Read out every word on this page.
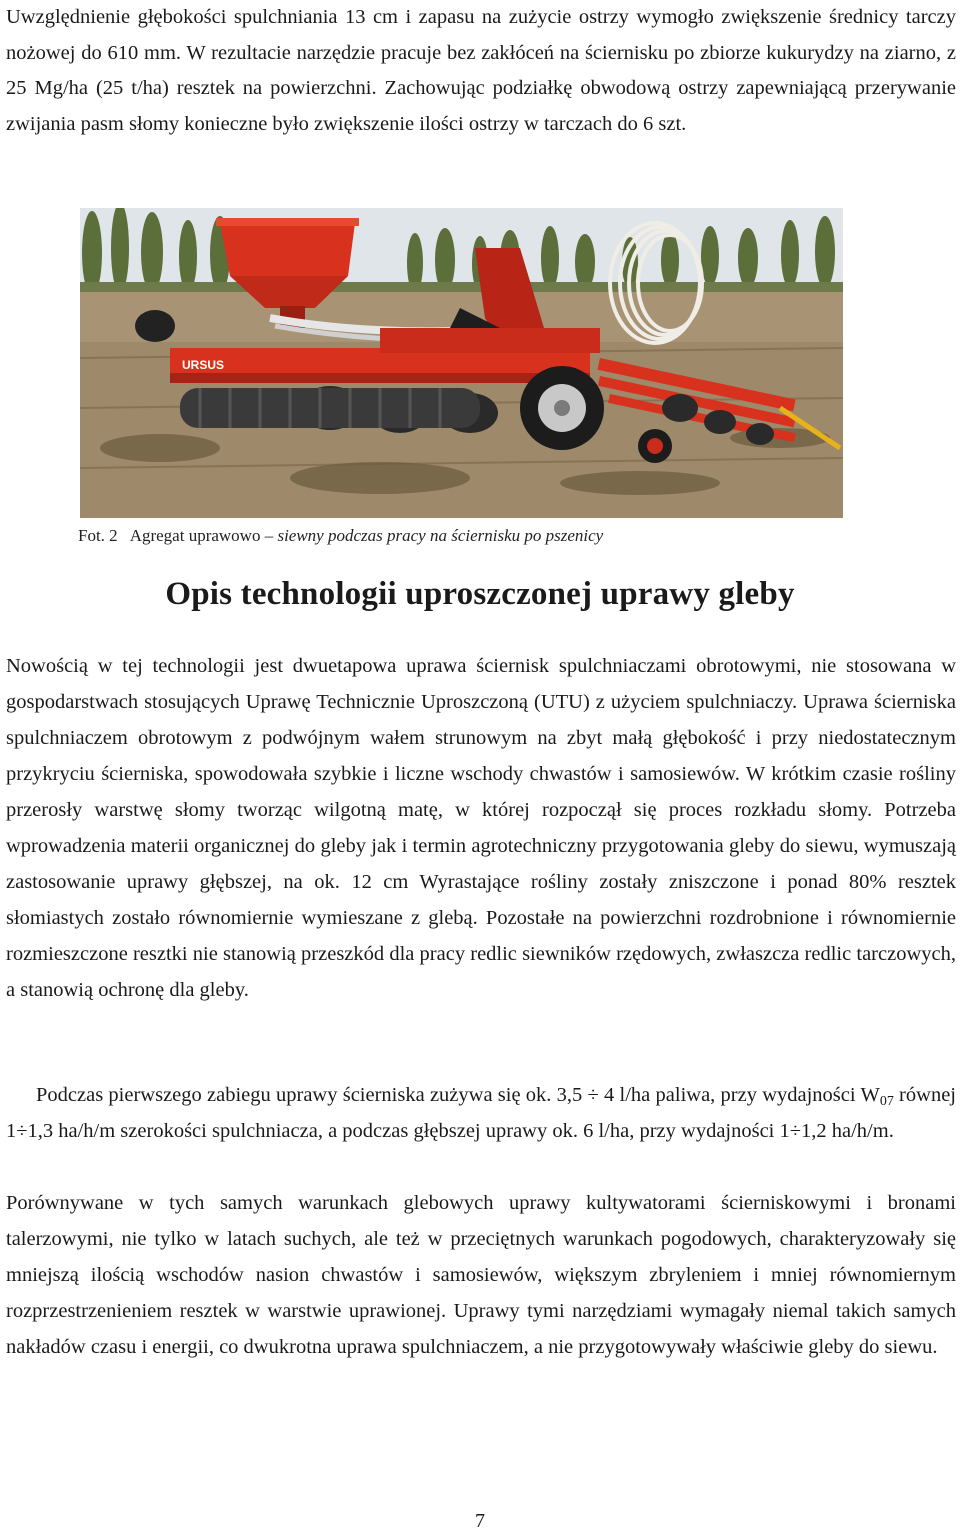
Uwzględnienie głębokości spulchniania 13 cm i zapasu na zużycie ostrzy wymogło zwiększenie średnicy tarczy nożowej do 610 mm. W rezultacie narzędzie pracuje bez zakłóceń na ściernisku po zbiorze kukurydzy na ziarno, z 25 Mg/ha (25 t/ha) resztek na powierzchni. Zachowując podziałkę obwodową ostrzy zapewniającą przerywanie zwijania pasm słomy konieczne było zwiększenie ilości ostrzy w tarczach do 6 szt.

URSUS
Fot. 2 Agregat uprawowo – siewny podczas pracy na ściernisku po pszenicy
Opis technologii uproszczonej uprawy gleby

Nowością w tej technologii jest dwuetapowa uprawa ściernisk spulchniaczami obrotowymi, nie stosowana w gospodarstwach stosujących Uprawę Technicznie Uproszczoną (UTU) z użyciem spulchniaczy. Uprawa ścierniska spulchniaczem obrotowym z podwójnym wałem strunowym na zbyt małą głębokość i przy niedostatecznym przykryciu ścierniska, spowodowała szybkie i liczne wschody chwastów i samosiewów. W krótkim czasie rośliny przerosły warstwę słomy tworząc wilgotną matę, w której rozpoczął się proces rozkładu słomy. Potrzeba wprowadzenia materii organicznej do gleby jak i termin agrotechniczny przygotowania gleby do siewu, wymuszają zastosowanie uprawy głębszej, na ok. 12 cm Wyrastające rośliny zostały zniszczone i ponad 80% resztek słomiastych zostało równomiernie wymieszane z glebą. Pozostałe na powierzchni rozdrobnione i równomiernie rozmieszczone resztki nie stanowią przeszkód dla pracy redlic siewników rzędowych, zwłaszcza redlic tarczowych, a stanowią ochronę dla gleby.

Podczas pierwszego zabiegu uprawy ścierniska zużywa się ok. 3,5 ÷ 4 l/ha paliwa, przy wydajności $W_{07}$ równej 1÷1,3 ha/h/m szerokości spulchniacza, a podczas głębszej uprawy ok. 6 l/ha, przy wydajności 1÷1,2 ha/h/m.

Porównywane w tych samych warunkach glebowych uprawy kultywatorami ścierniskowymi i bronami talerzowymi, nie tylko w latach suchych, ale też w przeciętnych warunkach pogodowych, charakteryzowały się mniejszą ilością wschodów nasion chwastów i samosiewów, większym zbryleniem i mniej równomiernym rozprzestrzenieniem resztek w warstwie uprawionej. Uprawy tymi narzędziami wymagały niemal takich samych nakładów czasu i energii, co dwukrotna uprawa spulchniaczem, a nie przygotowywały właściwie gleby do siewu.

7
